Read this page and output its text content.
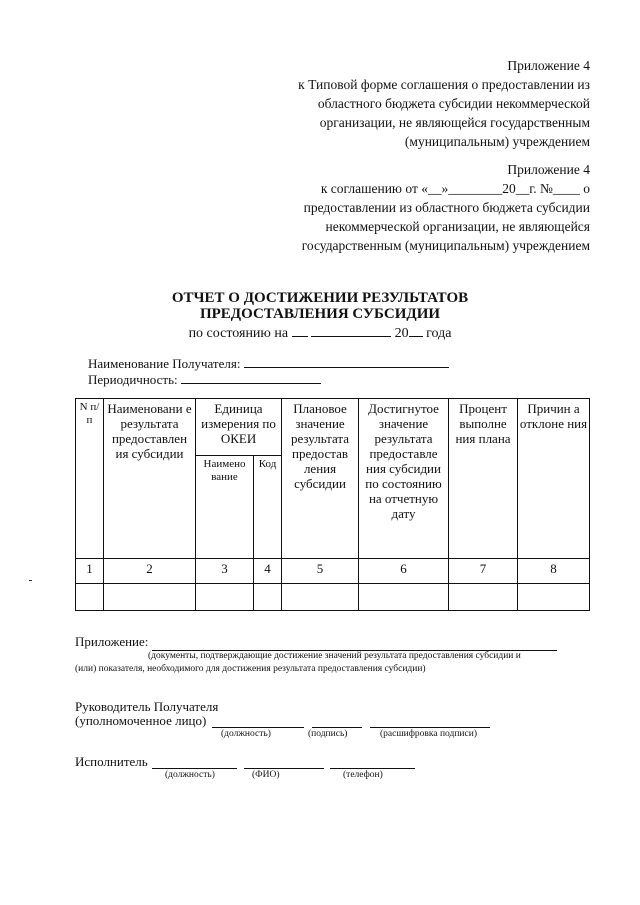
Приложение 4
к Типовой форме соглашения о предоставлении из
областного бюджета субсидии некоммерческой
организации, не являющейся государственным
(муниципальным) учреждением
Приложение 4
к соглашению от «__»________20__г. №____ о
предоставлении из областного бюджета субсидии
некоммерческой организации, не являющейся
государственным (муниципальным) учреждением
ОТЧЕТ О ДОСТИЖЕНИИ РЕЗУЛЬТАТОВ
ПРЕДОСТАВЛЕНИЯ СУБСИДИИ
по состоянию на	20 года
Наименование Получателя:
Периодичность:
N п/п	Наименовани е результата предоставлен ия субсидии	Единица измерения по ОКЕИ		Плановое значение результата предостав ления субсидии	Достигнутое значение результата предоставле ния субсидии по состоянию на отчетную дату	Процент выполне ния плана	Причин а отклоне ния
		Наимено вание	Код				
1	2	3	4	5	6	7	8

Приложение:
(документы, подтверждающие достижение значений результата предоставления субсидии и
(или) показателя, необходимого для достижения результата предоставления субсидии)
Руководитель Получателя
(уполномоченное лицо)
(должность)	(подпись)	(расшифровка подписи)
Исполнитель
(должность)	(ФИО)	(телефон)
